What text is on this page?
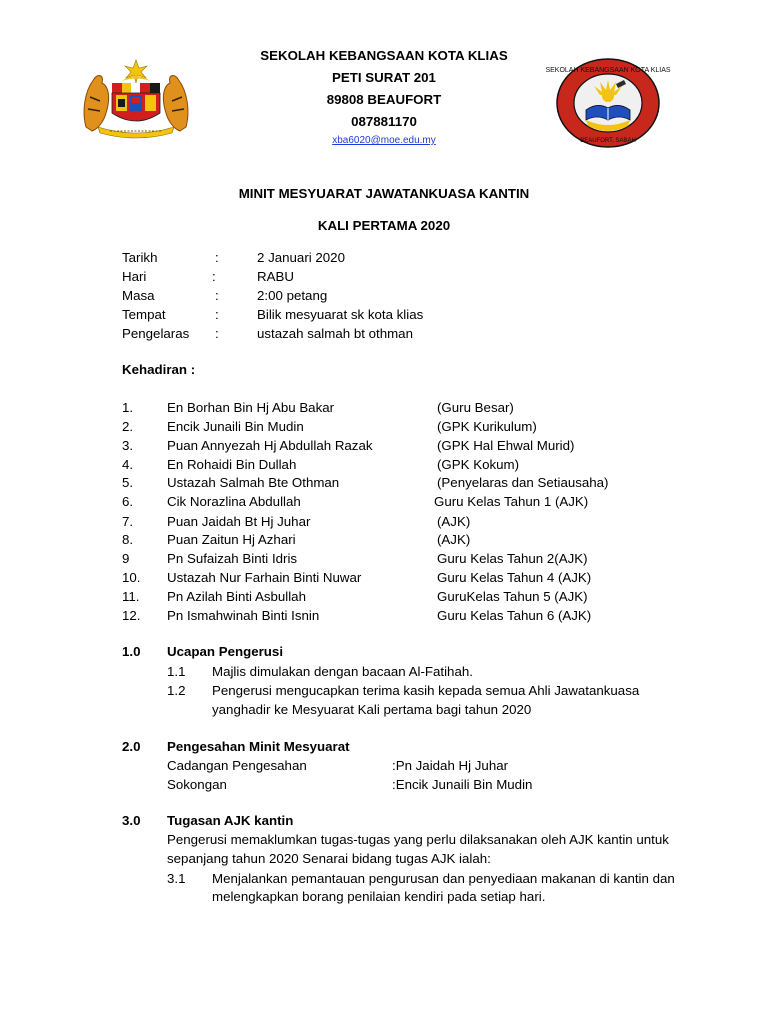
SEKOLAH KEBANGSAAN KOTA KLIAS
BEAUFORT, SABAH
SEKOLAH KEBANGSAAN KOTA KLIAS
PETI SURAT 201
89808 BEAUFORT
087881170
xba6020@moe.edu.my
MINIT MESYUARAT JAWATANKUASA KANTIN
KALI PERTAMA 2020
Tarikh	:	2 Januari 2020
Hari	:	RABU
Masa	:	2:00 petang
Tempat	:	Bilik mesyuarat sk kota klias
Pengelaras :	ustazah salmah bt othman
Kehadiran :
1.	En Borhan Bin Hj Abu Bakar	(Guru Besar)
2.	Encik Junaili Bin Mudin	(GPK Kurikulum)
3.	Puan Annyezah Hj Abdullah Razak	(GPK Hal Ehwal Murid)
4.	En Rohaidi Bin Dullah	(GPK Kokum)
5.	Ustazah Salmah Bte Othman	(Penyelaras dan Setiausaha)
6.	Cik Norazlina Abdullah	Guru Kelas Tahun 1 (AJK)
7.	Puan Jaidah Bt Hj Juhar	(AJK)
8.	Puan Zaitun Hj Azhari	(AJK)
9	Pn Sufaizah Binti Idris	Guru Kelas Tahun 2(AJK)
10. Ustazah Nur Farhain Binti Nuwar	Guru Kelas Tahun 4 (AJK)
11. Pn Azilah Binti Asbullah	GuruKelas Tahun 5 (AJK)
12. Pn Ismahwinah Binti Isnin	Guru Kelas Tahun 6 (AJK)
1.0 Ucapan Pengerusi
1.1 Majlis dimulakan dengan bacaan Al-Fatihah.
1.2 Pengerusi mengucapkan terima kasih kepada semua Ahli Jawatankuasa
yanghadir ke Mesyuarat Kali pertama bagi tahun 2020
2.0 Pengesahan Minit Mesyuarat
Cadangan Pengesahan	:Pn Jaidah Hj Juhar
Sokongan	:Encik Junaili Bin Mudin
3.0 Tugasan AJK kantin
Pengerusi memaklumkan tugas-tugas yang perlu dilaksanakan oleh AJK kantin untuk
sepanjang tahun 2020 Senarai bidang tugas AJK ialah:
3.1 Menjalankan pemantauan pengurusan dan penyediaan makanan di kantin dan
melengkapkan borang penilaian kendiri pada setiap hari.
